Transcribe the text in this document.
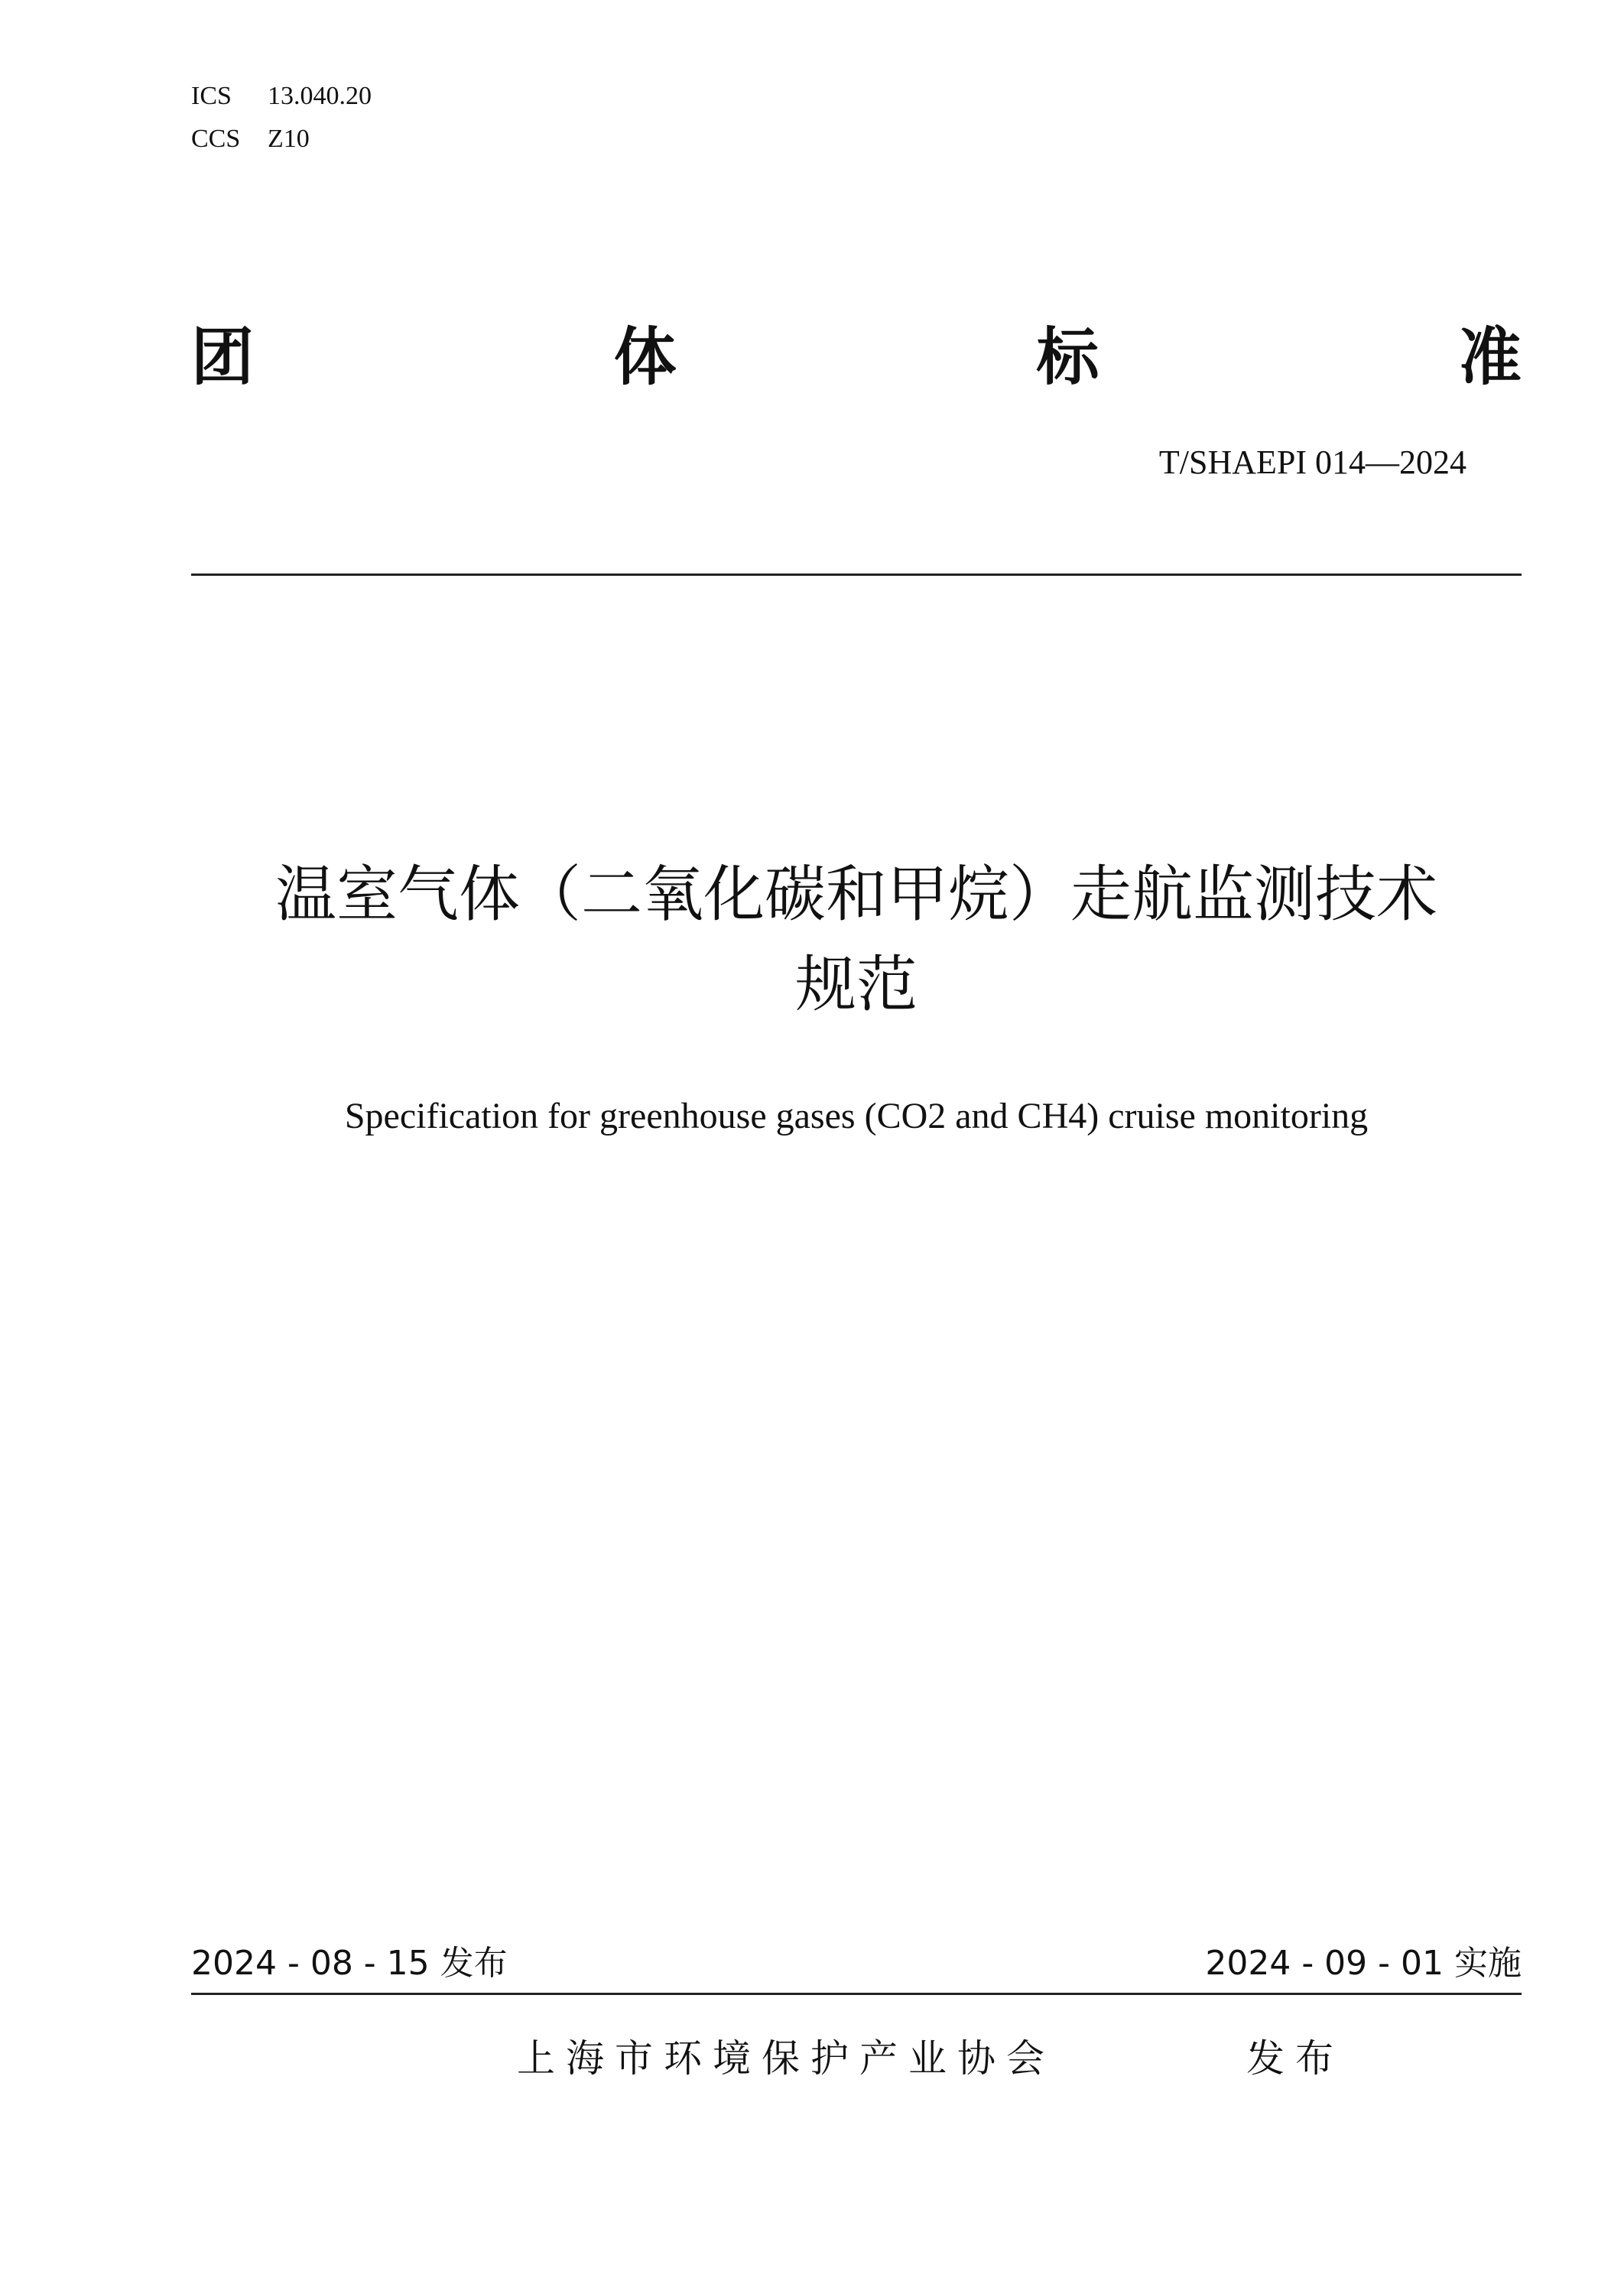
ICS 13.040.20
CCS Z10
团	体	标	准
T/SHAEPI 014—2024
温室气体（二氧化碳和甲烷）走航监测技术
规范
Specification for greenhouse gases (CO2 and CH4) cruise monitoring
2024 - 08 - 15 发布	2024 - 09 - 01 实施
上海市环境保护产业协会	发布
